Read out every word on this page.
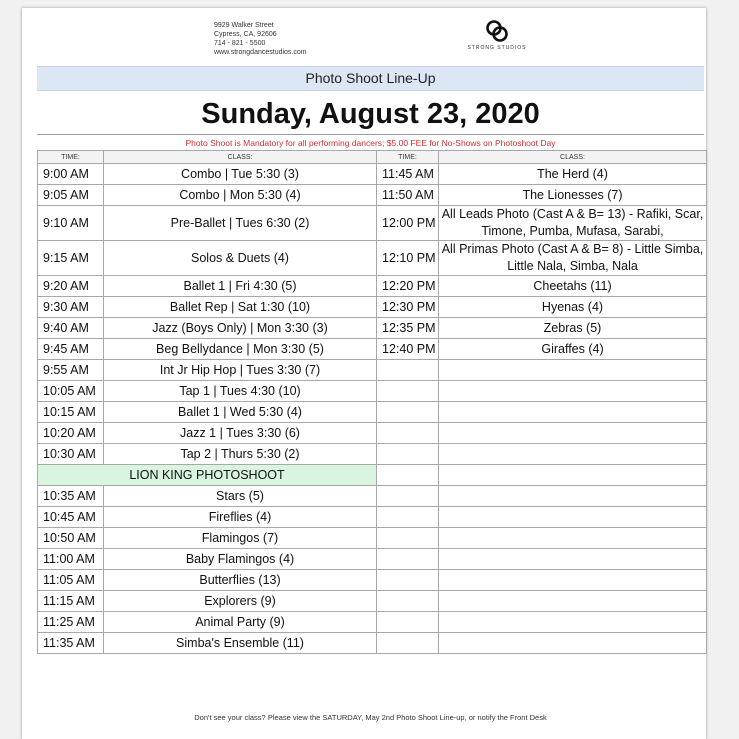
9929 Walker Street
Cypress, CA, 92606
714 - 821 - 5500
www.strongdancestudios.com
STRONG STUDIOS
Photo Shoot Line-Up
Sunday, August 23, 2020
Photo Shoot is Mandatory for all performing dancers; $5.00 FEE for No-Shows on Photoshoot Day
TIME:	CLASS:	TIME:	CLASS:
9:00 AM	Combo | Tue 5:30 (3)	11:45 AM	The Herd (4)
9:05 AM	Combo | Mon 5:30 (4)	11:50 AM	The Lionesses (7)
9:10 AM	Pre-Ballet | Tues 6:30 (2)	12:00 PM	All Leads Photo (Cast A & B= 13) - Rafiki, Scar, Timone, Pumba, Mufasa, Sarabi,
9:15 AM	Solos & Duets (4)	12:10 PM	All Primas Photo (Cast A & B= 8) - Little Simba, Little Nala, Simba, Nala
9:20 AM	Ballet 1 | Fri 4:30 (5)	12:20 PM	Cheetahs (11)
9:30 AM	Ballet Rep | Sat 1:30 (10)	12:30 PM	Hyenas (4)
9:40 AM	Jazz (Boys Only) | Mon 3:30 (3)	12:35 PM	Zebras (5)
9:45 AM	Beg Bellydance | Mon 3:30 (5)	12:40 PM	Giraffes (4)
9:55 AM	Int Jr Hip Hop | Tues 3:30 (7)		
10:05 AM	Tap 1 | Tues 4:30 (10)		
10:15 AM	Ballet 1 | Wed 5:30 (4)		
10:20 AM	Jazz 1 | Tues 3:30 (6)		
10:30 AM	Tap 2 | Thurs 5:30 (2)		
LION KING PHOTOSHOOT			
10:35 AM	Stars (5)		
10:45 AM	Fireflies (4)		
10:50 AM	Flamingos (7)		
11:00 AM	Baby Flamingos (4)		
11:05 AM	Butterflies (13)		
11:15 AM	Explorers (9)		
11:25 AM	Animal Party (9)		
11:35 AM	Simba's Ensemble (11)		
Don't see your class? Please view the SATURDAY, May 2nd Photo Shoot Line-up, or notify the Front Desk
